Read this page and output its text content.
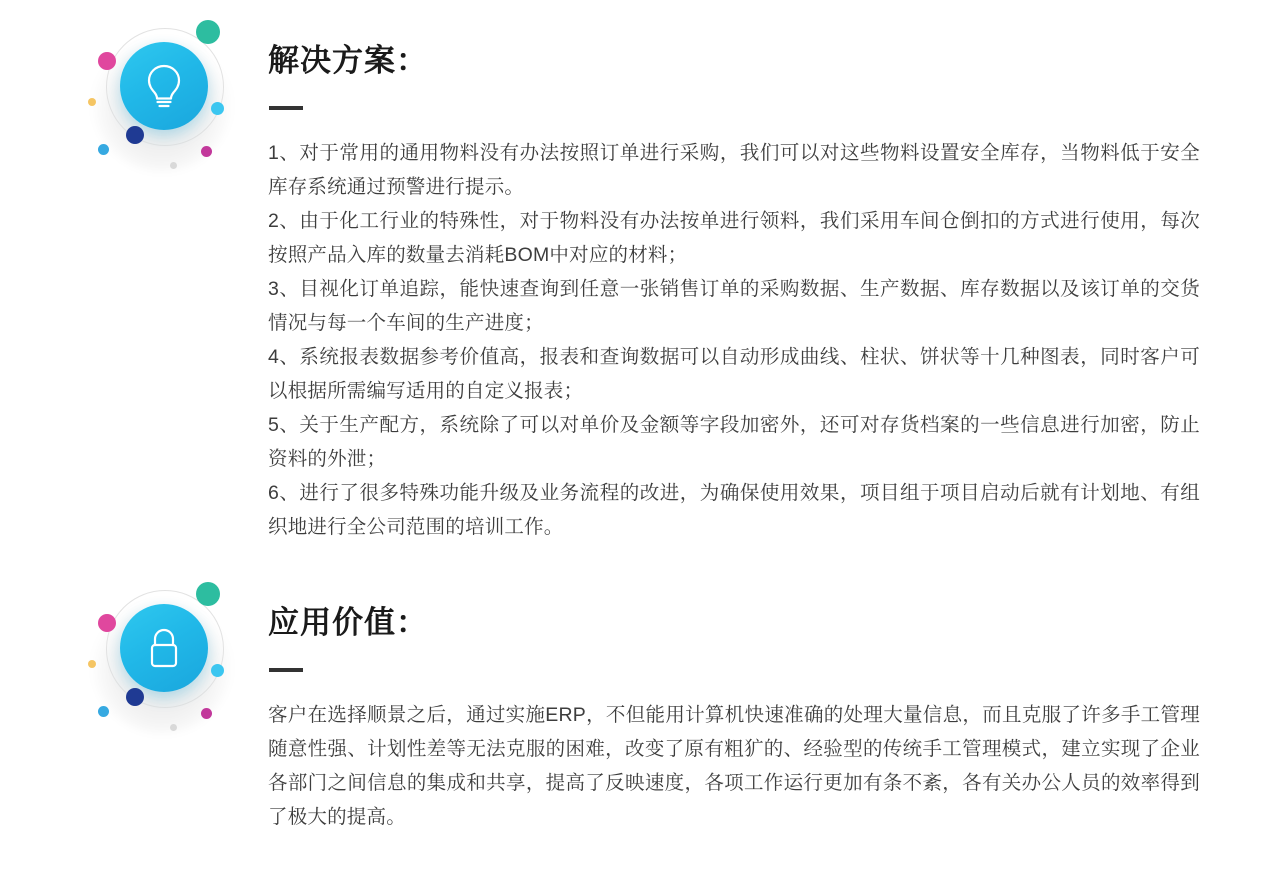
解决方案：

1、对于常用的通用物料没有办法按照订单进行采购，我们可以对这些物料设置安全库存，当物料低于安全库存系统通过预警进行提示。

2、由于化工行业的特殊性，对于物料没有办法按单进行领料，我们采用车间仓倒扣的方式进行使用，每次按照产品入库的数量去消耗BOM中对应的材料；

3、目视化订单追踪，能快速查询到任意一张销售订单的采购数据、生产数据、库存数据以及该订单的交货情况与每一个车间的生产进度；

4、系统报表数据参考价值高，报表和查询数据可以自动形成曲线、柱状、饼状等十几种图表，同时客户可以根据所需编写适用的自定义报表；

5、关于生产配方，系统除了可以对单价及金额等字段加密外，还可对存货档案的一些信息进行加密，防止资料的外泄；

6、进行了很多特殊功能升级及业务流程的改进，为确保使用效果，项目组于项目启动后就有计划地、有组织地进行全公司范围的培训工作。

应用价值：

客户在选择顺景之后，通过实施ERP，不但能用计算机快速准确的处理大量信息，而且克服了许多手工管理随意性强、计划性差等无法克服的困难，改变了原有粗犷的、经验型的传统手工管理模式，建立实现了企业各部门之间信息的集成和共享，提高了反映速度，各项工作运行更加有条不紊，各有关办公人员的效率得到了极大的提高。
